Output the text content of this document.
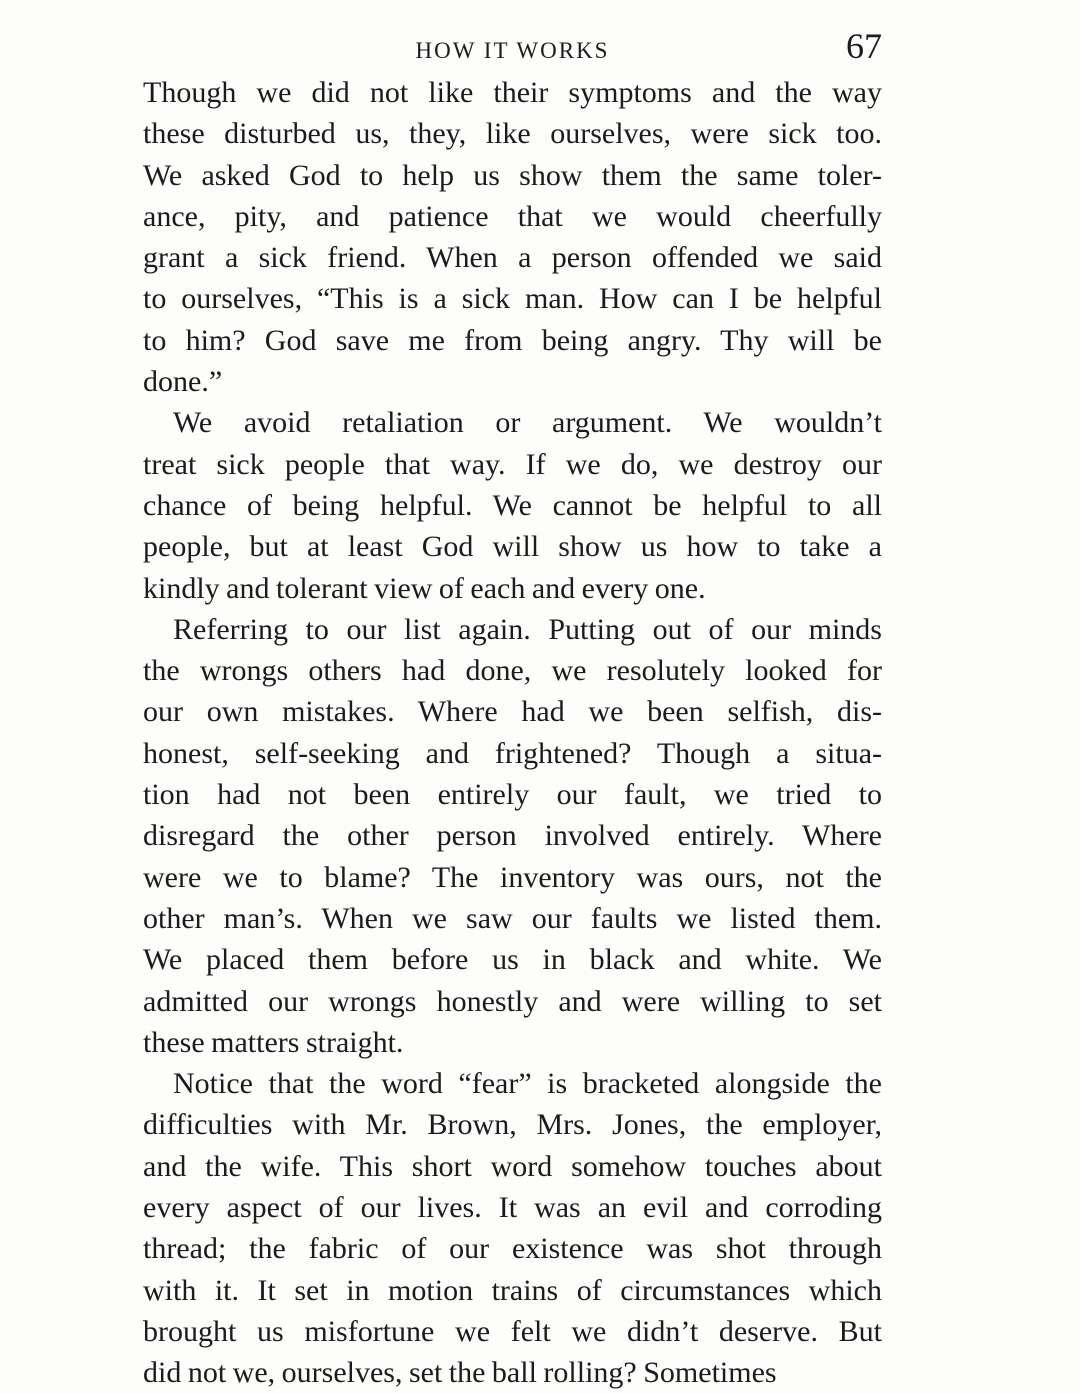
HOW IT WORKS	67
Though we did not like their symptoms and the way
these disturbed us, they, like ourselves, were sick too.
We asked God to help us show them the same toler-
ance, pity, and patience that we would cheerfully
grant a sick friend. When a person offended we said
to ourselves, “This is a sick man. How can I be helpful
to him? God save me from being angry. Thy will be
done.”
We avoid retaliation or argument. We wouldn’t
treat sick people that way. If we do, we destroy our
chance of being helpful. We cannot be helpful to all
people, but at least God will show us how to take a
kindly and tolerant view of each and every one.
Referring to our list again. Putting out of our minds
the wrongs others had done, we resolutely looked for
our own mistakes. Where had we been selfish, dis-
honest, self-seeking and frightened? Though a situa-
tion had not been entirely our fault, we tried to
disregard the other person involved entirely. Where
were we to blame? The inventory was ours, not the
other man’s. When we saw our faults we listed them.
We placed them before us in black and white. We
admitted our wrongs honestly and were willing to set
these matters straight.
Notice that the word “fear” is bracketed alongside the
difficulties with Mr. Brown, Mrs. Jones, the employer,
and the wife. This short word somehow touches about
every aspect of our lives. It was an evil and corroding
thread; the fabric of our existence was shot through
with it. It set in motion trains of circumstances which
brought us misfortune we felt we didn’t deserve. But
did not we, ourselves, set the ball rolling? Sometimes
